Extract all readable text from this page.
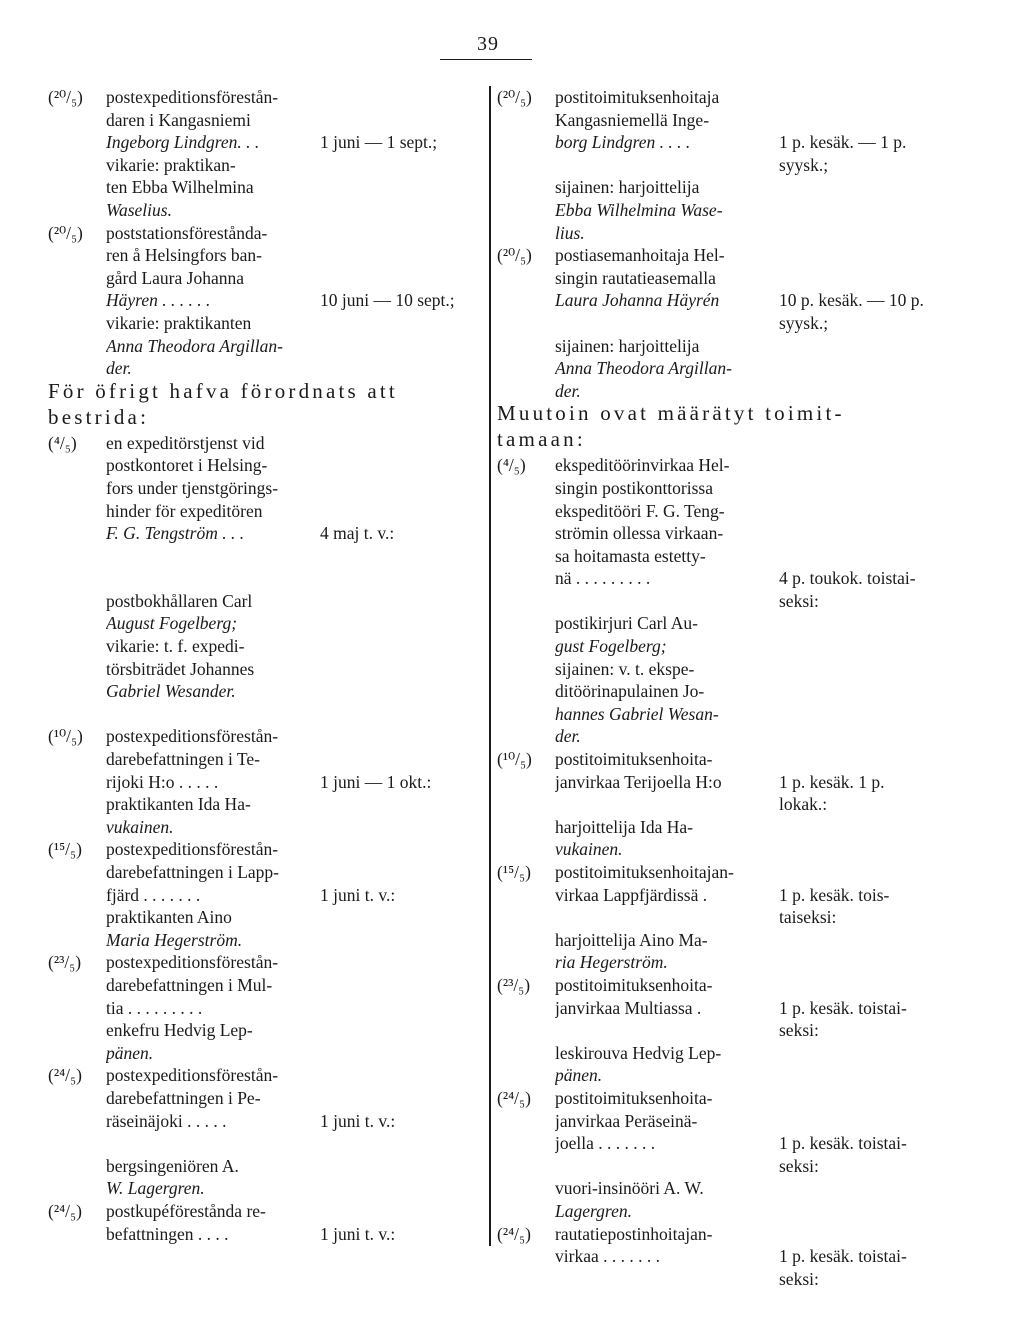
39
(²⁰/₅)	postexpeditionsförestån-
daren i Kangasniemi
Ingeborg Lindgren. . .	1 juni — 1 sept.;
vikarie: praktikan-
ten Ebba Wilhelmina
Waselius.
(²⁰/₅)	poststationsförestånda-
ren å Helsingfors ban-
gård Laura Johanna
Häyren . . . . . .	10 juni — 10 sept.;
vikarie: praktikanten
Anna Theodora Argillan-
der.
För öfrigt hafva förordnats att
bestrida:
(⁴/₅)	en expeditörstjenst vid
postkontoret i Helsing-
fors under tjenstgörings-
hinder för expeditören
F. G. Tengström . . .	4 maj t. v.:
postbokhållaren Carl
August Fogelberg;
vikarie: t. f. expedi-
törsbiträdet Johannes
Gabriel Wesander.
(¹⁰/₅)	postexpeditionsförestån-
darebefattningen i Te-
rijoki H:o . . . . .	1 juni — 1 okt.:
praktikanten Ida Ha-
vukainen.
(¹⁵/₅)	postexpeditionsförestån-
darebefattningen i Lapp-
fjärd . . . . . . .	1 juni t. v.:
praktikanten Aino
Maria Hegerström.
(²³/₅)	postexpeditionsförestån-
darebefattningen i Mul-
tia . . . . . . . . .
enkefru Hedvig Lep-
pänen.
(²⁴/₅)	postexpeditionsförestån-
darebefattningen i Pe-
räseinäjoki . . . . .	1 juni t. v.:
bergsingeniören A.
W. Lagergren.
(²⁴/₅)	postkupéförestånda re-
befattningen . . . .	1 juni t. v.:
(²⁰/₅)	postitoimituksenhoitaja
Kangasniemellä Inge-
borg Lindgren . . . .	1 p. kesäk. — 1 p.
syysk.;
sijainen: harjoittelija
Ebba Wilhelmina Wase-
lius.
(²⁰/₅)	postiasemanhoitaja Hel-
singin rautatieasemalla
Laura Johanna Häyrén	10 p. kesäk. — 10 p.
syysk.;
sijainen: harjoittelija
Anna Theodora Argillan-
der.
Muutoin ovat määrätyt toimit-
tamaan:
(⁴/₅)	ekspeditöörinvirkaa Hel-
singin postikonttorissa
ekspeditööri F. G. Teng-
strömin ollessa virkaan-
sa hoitamasta estetty-
nä . . . . . . . . .	4 p. toukok. toistai-
seksi:
postikirjuri Carl Au-
gust Fogelberg;
sijainen: v. t. ekspe-
ditöörinapulainen Jo-
hannes Gabriel Wesan-
der.
(¹⁰/₅)	postitoimituksenhoita-
janvirkaa Terijoella H:o	1 p. kesäk. 1 p.
lokak.:
harjoittelija Ida Ha-
vukainen.
(¹⁵/₅)	postitoimituksenhoitajan-
virkaa Lappfjärdissä .	1 p. kesäk. tois-
taiseksi:
harjoittelija Aino Ma-
ria Hegerström.
(²³/₅)	postitoimituksenhoita-
janvirkaa Multiassa .	1 p. kesäk. toistai-
seksi:
leskirouva Hedvig Lep-
pänen.
(²⁴/₅)	postitoimituksenhoita-
janvirkaa Peräseinä-
joella . . . . . . .	1 p. kesäk. toistai-
seksi:
vuori-insinööri A. W.
Lagergren.
(²⁴/₅)	rautatiepostinhoitajan-
virkaa . . . . . . .	1 p. kesäk. toistai-
seksi:
